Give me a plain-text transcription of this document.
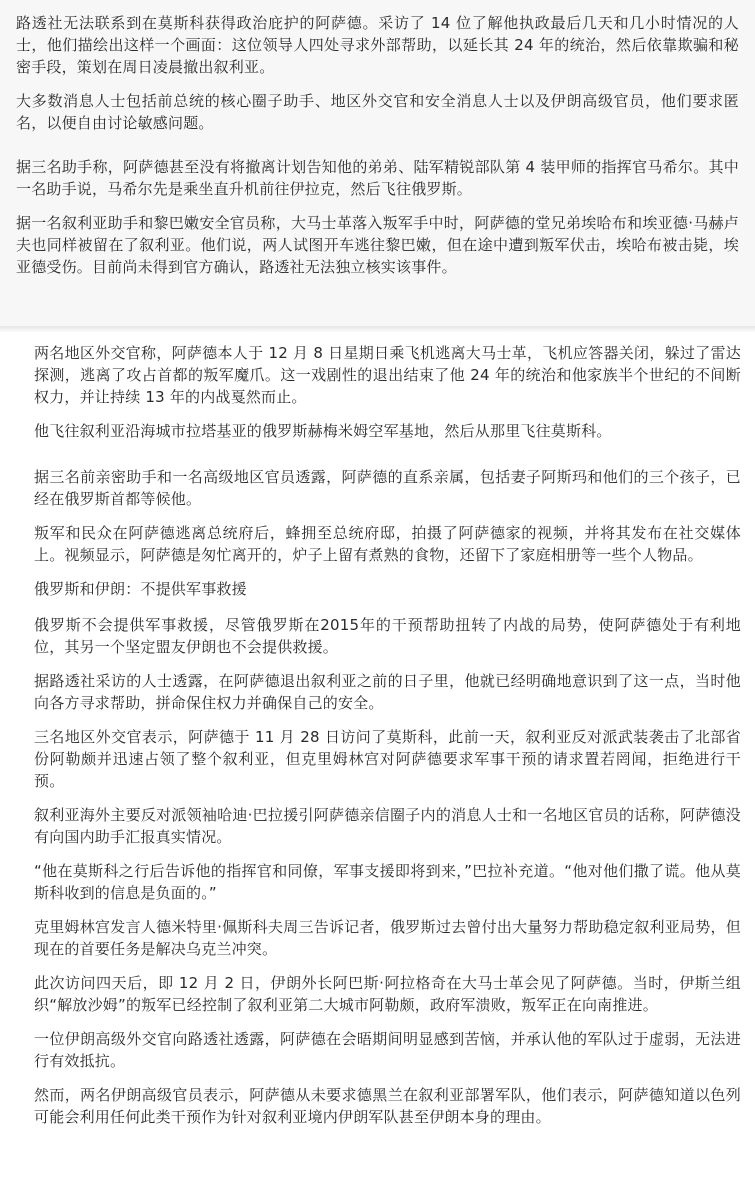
路透社无法联系到在莫斯科获得政治庇护的阿萨德。采访了 14 位了解他执政最后几天和几小时情况的人士，他们描绘出这样一个画面：这位领导人四处寻求外部帮助，以延长其 24 年的统治，然后依靠欺骗和秘密手段，策划在周日凌晨撤出叙利亚。

大多数消息人士包括前总统的核心圈子助手、地区外交官和安全消息人士以及伊朗高级官员，他们要求匿名，以便自由讨论敏感问题。

据三名助手称，阿萨德甚至没有将撤离计划告知他的弟弟、陆军精锐部队第 4 装甲师的指挥官马希尔。其中一名助手说，马希尔先是乘坐直升机前往伊拉克，然后飞往俄罗斯。

据一名叙利亚助手和黎巴嫩安全官员称，大马士革落入叛军手中时，阿萨德的堂兄弟埃哈布和埃亚德·马赫卢夫也同样被留在了叙利亚。他们说，两人试图开车逃往黎巴嫩，但在途中遭到叛军伏击，埃哈布被击毙，埃亚德受伤。目前尚未得到官方确认，路透社无法独立核实该事件。

两名地区外交官称，阿萨德本人于 12 月 8 日星期日乘飞机逃离大马士革，飞机应答器关闭，躲过了雷达探测，逃离了攻占首都的叛军魔爪。这一戏剧性的退出结束了他 24 年的统治和他家族半个世纪的不间断权力，并让持续 13 年的内战戛然而止。

他飞往叙利亚沿海城市拉塔基亚的俄罗斯赫梅米姆空军基地，然后从那里飞往莫斯科。

据三名前亲密助手和一名高级地区官员透露，阿萨德的直系亲属，包括妻子阿斯玛和他们的三个孩子，已经在俄罗斯首都等候他。

叛军和民众在阿萨德逃离总统府后，蜂拥至总统府邸，拍摄了阿萨德家的视频，并将其发布在社交媒体上。视频显示，阿萨德是匆忙离开的，炉子上留有煮熟的食物，还留下了家庭相册等一些个人物品。

俄罗斯和伊朗：不提供军事救援

俄罗斯不会提供军事救援，尽管俄罗斯在2015年的干预帮助扭转了内战的局势，使阿萨德处于有利地位，其另一个坚定盟友伊朗也不会提供救援。

据路透社采访的人士透露，在阿萨德退出叙利亚之前的日子里，他就已经明确地意识到了这一点，当时他向各方寻求帮助，拼命保住权力并确保自己的安全。

三名地区外交官表示，阿萨德于 11 月 28 日访问了莫斯科，此前一天，叙利亚反对派武装袭击了北部省份阿勒颇并迅速占领了整个叙利亚，但克里姆林宫对阿萨德要求军事干预的请求置若罔闻，拒绝进行干预。

叙利亚海外主要反对派领袖哈迪·巴拉援引阿萨德亲信圈子内的消息人士和一名地区官员的话称，阿萨德没有向国内助手汇报真实情况。

“他在莫斯科之行后告诉他的指挥官和同僚，军事支援即将到来，”巴拉补充道。“他对他们撒了谎。他从莫斯科收到的信息是负面的。”

克里姆林宫发言人德米特里·佩斯科夫周三告诉记者，俄罗斯过去曾付出大量努力帮助稳定叙利亚局势，但现在的首要任务是解决乌克兰冲突。

此次访问四天后，即 12 月 2 日，伊朗外长阿巴斯·阿拉格奇在大马士革会见了阿萨德。当时，伊斯兰组织“解放沙姆”的叛军已经控制了叙利亚第二大城市阿勒颇，政府军溃败，叛军正在向南推进。

一位伊朗高级外交官向路透社透露，阿萨德在会晤期间明显感到苦恼，并承认他的军队过于虚弱，无法进行有效抵抗。

然而，两名伊朗高级官员表示，阿萨德从未要求德黑兰在叙利亚部署军队，他们表示，阿萨德知道以色列可能会利用任何此类干预作为针对叙利亚境内伊朗军队甚至伊朗本身的理由。
